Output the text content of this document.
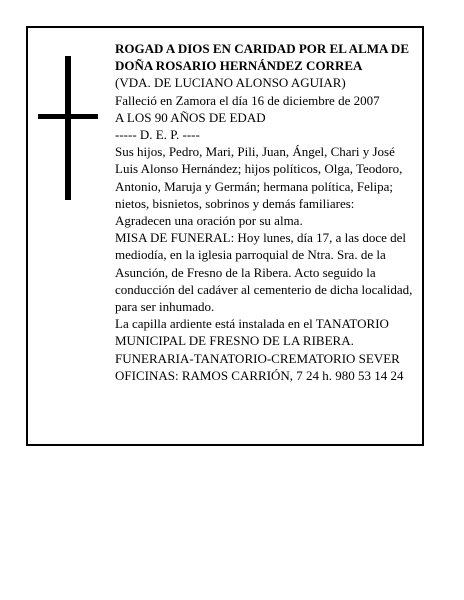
ROGAD A DIOS EN CARIDAD POR EL ALMA DE
DOÑA ROSARIO HERNÁNDEZ CORREA
(VDA. DE LUCIANO ALONSO AGUIAR)
Falleció en Zamora el día 16 de diciembre de 2007
A LOS 90 AÑOS DE EDAD
----- D. E. P. ----
Sus hijos, Pedro, Mari, Pili, Juan, Ángel, Chari y José Luis Alonso Hernández; hijos políticos, Olga, Teodoro, Antonio, Maruja y Germán; hermana política, Felipa; nietos, bisnietos, sobrinos y demás familiares:
Agradecen una oración por su alma.
MISA DE FUNERAL: Hoy lunes, día 17, a las doce del mediodía, en la iglesia parroquial de Ntra. Sra. de la Asunción, de Fresno de la Ribera. Acto seguido la conducción del cadáver al cementerio de dicha localidad, para ser inhumado.
La capilla ardiente está instalada en el TANATORIO MUNICIPAL DE FRESNO DE LA RIBERA.
FUNERARIA-TANATORIO-CREMATORIO SEVER
OFICINAS: RAMOS CARRIÓN, 7 24 h. 980 53 14 24
